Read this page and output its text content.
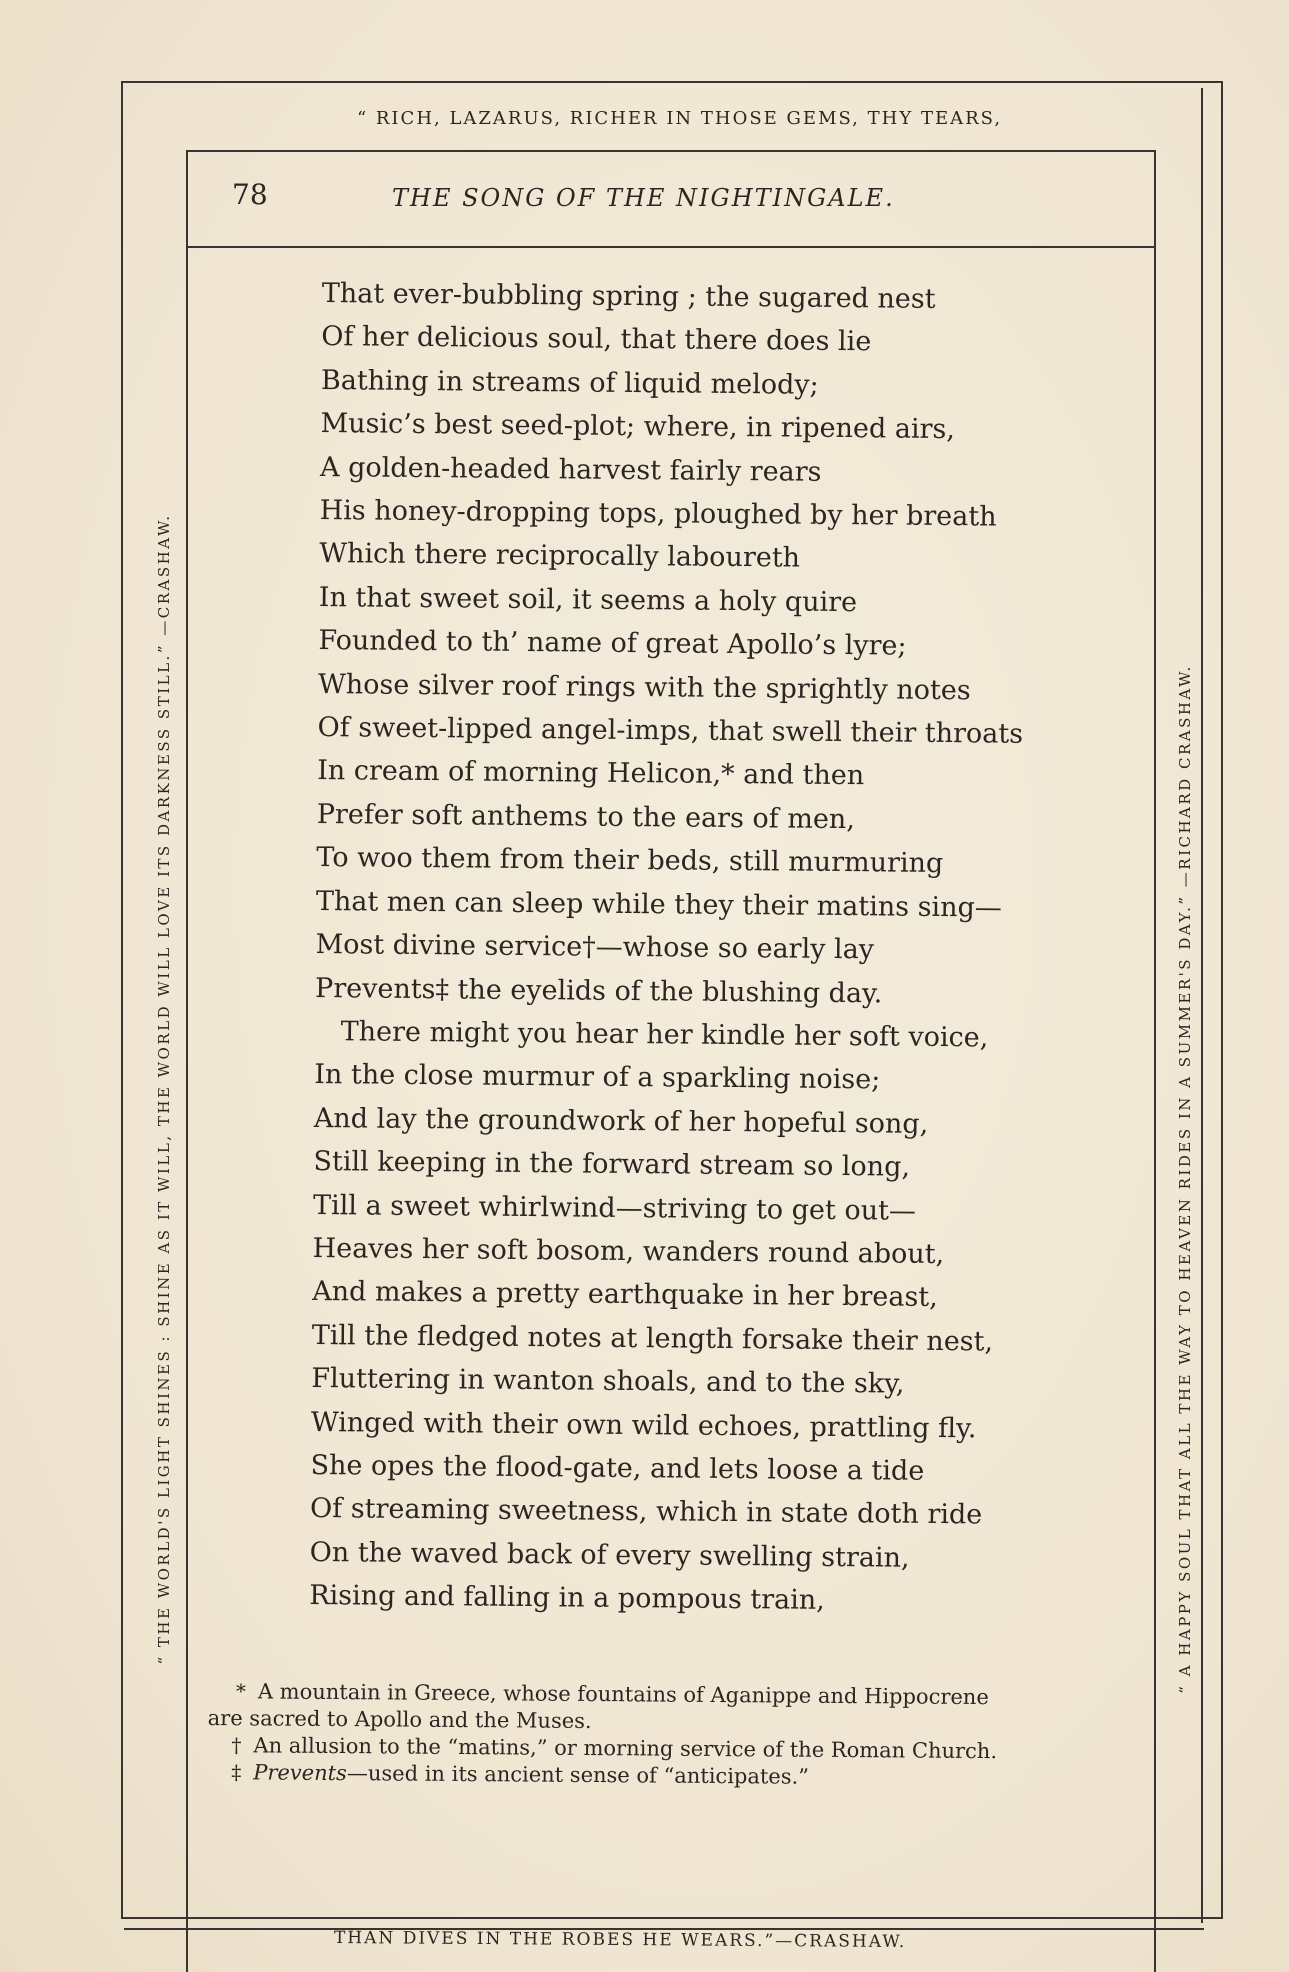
“ RICH, LAZARUS, RICHER IN THOSE GEMS, THY TEARS,
78	THE SONG OF THE NIGHTINGALE.
That ever-bubbling spring ; the sugared nest
Of her delicious soul, that there does lie
Bathing in streams of liquid melody;
Music’s best seed-plot; where, in ripened airs,
A golden-headed harvest fairly rears
His honey-dropping tops, ploughed by her breath
Which there reciprocally laboureth
In that sweet soil, it seems a holy quire
Founded to th’ name of great Apollo’s lyre;
Whose silver roof rings with the sprightly notes
Of sweet-lipped angel-imps, that swell their throats
In cream of morning Helicon,* and then
Prefer soft anthems to the ears of men,
To woo them from their beds, still murmuring
That men can sleep while they their matins sing—
Most divine service†—whose so early lay
Prevents‡ the eyelids of the blushing day.
There might you hear her kindle her soft voice,
In the close murmur of a sparkling noise;
And lay the groundwork of her hopeful song,
Still keeping in the forward stream so long,
Till a sweet whirlwind—striving to get out—
Heaves her soft bosom, wanders round about,
And makes a pretty earthquake in her breast,
Till the fledged notes at length forsake their nest,
Fluttering in wanton shoals, and to the sky,
Winged with their own wild echoes, prattling fly.
She opes the flood-gate, and lets loose a tide
Of streaming sweetness, which in state doth ride
On the waved back of every swelling strain,
Rising and falling in a pompous train,
* A mountain in Greece, whose fountains of Aganippe and Hippocrene
are sacred to Apollo and the Muses.
† An allusion to the “matins,” or morning service of the Roman Church.
‡ Prevents—used in its ancient sense of “anticipates.”
THAN DIVES IN THE ROBES HE WEARS.”—CRASHAW.
“ THE WORLD'S LIGHT SHINES : SHINE AS IT WILL, THE WORLD WILL LOVE ITS DARKNESS STILL.” —CRASHAW.	“ A HAPPY SOUL THAT ALL THE WAY TO HEAVEN RIDES IN A SUMMER'S DAY.” —RICHARD CRASHAW.
